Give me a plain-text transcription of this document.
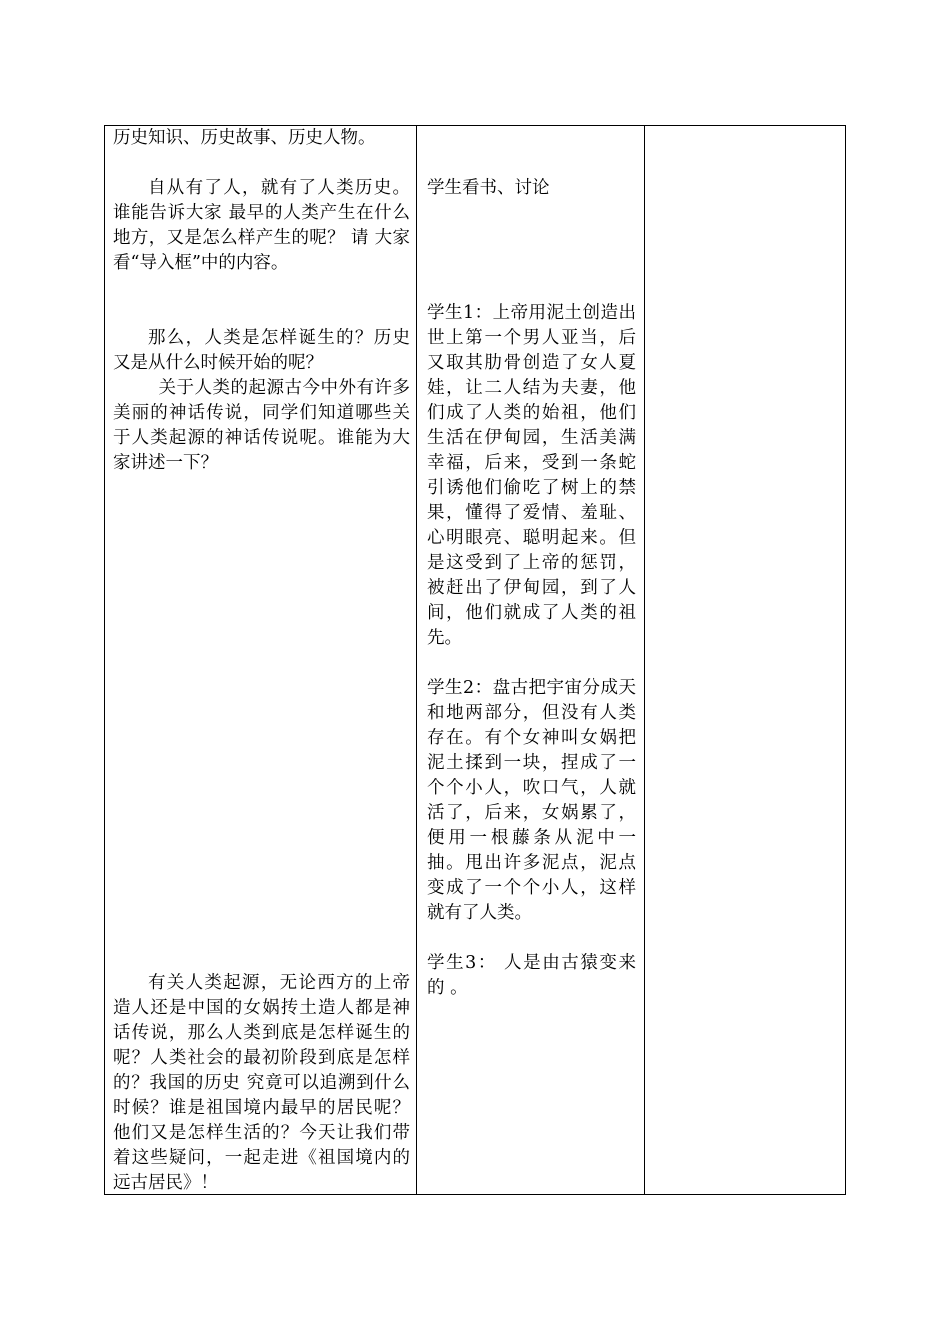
历史知识、历史故事、历史人物。

自从有了人，就有了人类历史。谁能告诉大家 最早的人类产生在什么地方，又是怎么样产生的呢？ 请 大家看“导入框”中的内容。

那么，人类是怎样诞生的？历史又是从什么时候开始的呢？

关于人类的起源古今中外有许多美丽的神话传说，同学们知道哪些关于人类起源的神话传说呢。谁能为大家讲述一下？

有关人类起源，无论西方的上帝造人还是中国的女娲抟土造人都是神话传说，那么人类到底是怎样诞生的呢？人类社会的最初阶段到底是怎样的？我国的历史 究竟可以追溯到什么时候？谁是祖国境内最早的居民呢？他们又是怎样生活的？今天让我们带着这些疑问，一起走进《祖国境内的远古居民》！

学生看书、讨论

学生1：上帝用泥土创造出世上第一个男人亚当，后又取其肋骨创造了女人夏娃，让二人结为夫妻，他们成了人类的始祖，他们生活在伊甸园，生活美满幸福，后来，受到一条蛇引诱他们偷吃了树上的禁果，懂得了爱情、羞耻、心明眼亮、聪明起来。但是这受到了上帝的惩罚，被赶出了伊甸园，到了人间，他们就成了人类的祖先。

学生2：盘古把宇宙分成天和地两部分，但没有人类存在。有个女神叫女娲把泥土揉到一块，捏成了一个个小人，吹口气，人就活了，后来，女娲累了， 便用一根藤条从泥中一抽。甩出许多泥点，泥点变成了一个个小人，这样就有了人类。

学生3： 人是由古猿变来的 。
